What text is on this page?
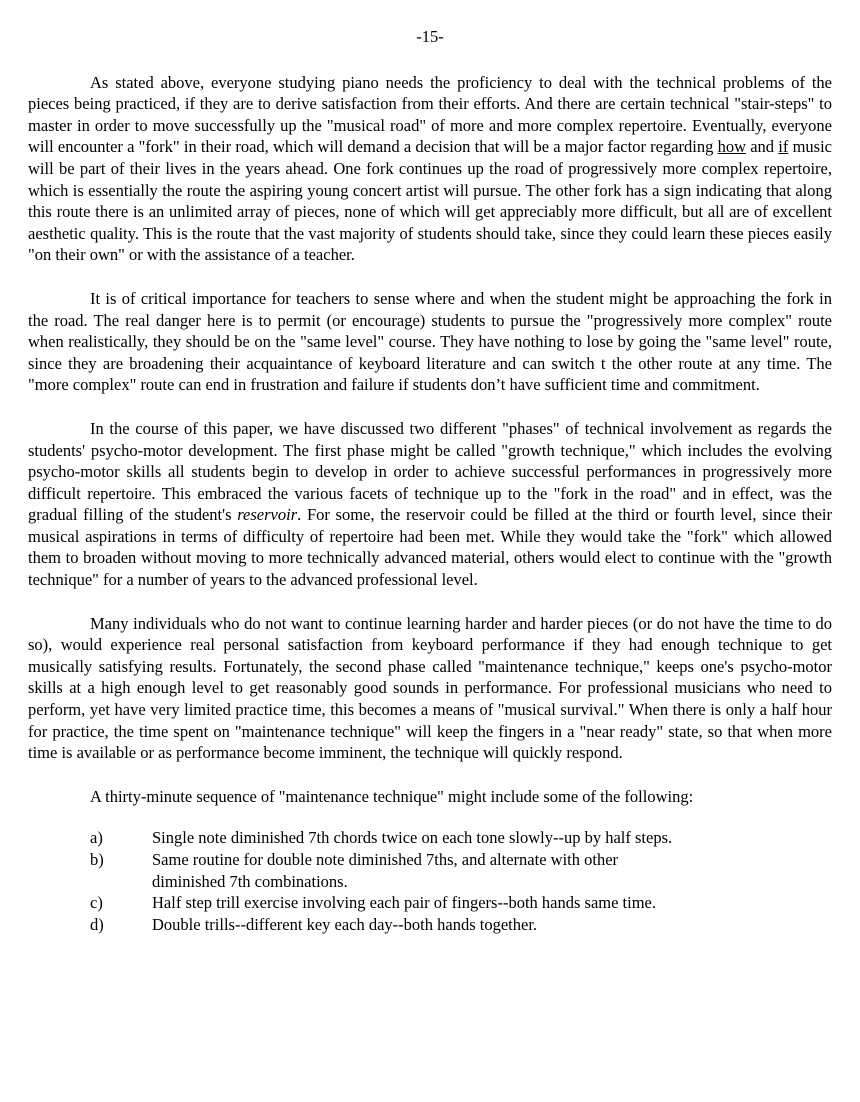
-15-

As stated above, everyone studying piano needs the proficiency to deal with the technical problems of the pieces being practiced, if they are to derive satisfaction from their efforts. And there are certain technical "stair-steps" to master in order to move successfully up the "musical road" of more and more complex repertoire. Eventually, everyone will encounter a "fork" in their road, which will demand a decision that will be a major factor regarding how and if music will be part of their lives in the years ahead. One fork continues up the road of progressively more complex repertoire, which is essentially the route the aspiring young concert artist will pursue. The other fork has a sign indicating that along this route there is an unlimited array of pieces, none of which will get appreciably more difficult, but all are of excellent aesthetic quality. This is the route that the vast majority of students should take, since they could learn these pieces easily "on their own" or with the assistance of a teacher.

It is of critical importance for teachers to sense where and when the student might be approaching the fork in the road. The real danger here is to permit (or encourage) students to pursue the "progressively more complex" route when realistically, they should be on the "same level" course. They have nothing to lose by going the "same level" route, since they are broadening their acquaintance of keyboard literature and can switch t the other route at any time. The "more complex" route can end in frustration and failure if students don’t have sufficient time and commitment.

In the course of this paper, we have discussed two different "phases" of technical involvement as regards the students' psycho-motor development. The first phase might be called "growth technique," which includes the evolving psycho-motor skills all students begin to develop in order to achieve successful performances in progressively more difficult repertoire. This embraced the various facets of technique up to the "fork in the road" and in effect, was the gradual filling of the student's reservoir. For some, the reservoir could be filled at the third or fourth level, since their musical aspirations in terms of difficulty of repertoire had been met. While they would take the "fork" which allowed them to broaden without moving to more technically advanced material, others would elect to continue with the "growth technique" for a number of years to the advanced professional level.

Many individuals who do not want to continue learning harder and harder pieces (or do not have the time to do so), would experience real personal satisfaction from keyboard performance if they had enough technique to get musically satisfying results. Fortunately, the second phase called "maintenance technique," keeps one's psycho-motor skills at a high enough level to get reasonably good sounds in performance. For professional musicians who need to perform, yet have very limited practice time, this becomes a means of "musical survival." When there is only a half hour for practice, the time spent on "maintenance technique" will keep the fingers in a "near ready" state, so that when more time is available or as performance become imminent, the technique will quickly respond.

A thirty-minute sequence of "maintenance technique" might include some of the following:

a)	Single note diminished 7th chords twice on each tone slowly--up by half steps.
b)	Same routine for double note diminished 7ths, and alternate with other
diminished 7th combinations.
c)	Half step trill exercise involving each pair of fingers--both hands same time.
d)	Double trills--different key each day--both hands together.
